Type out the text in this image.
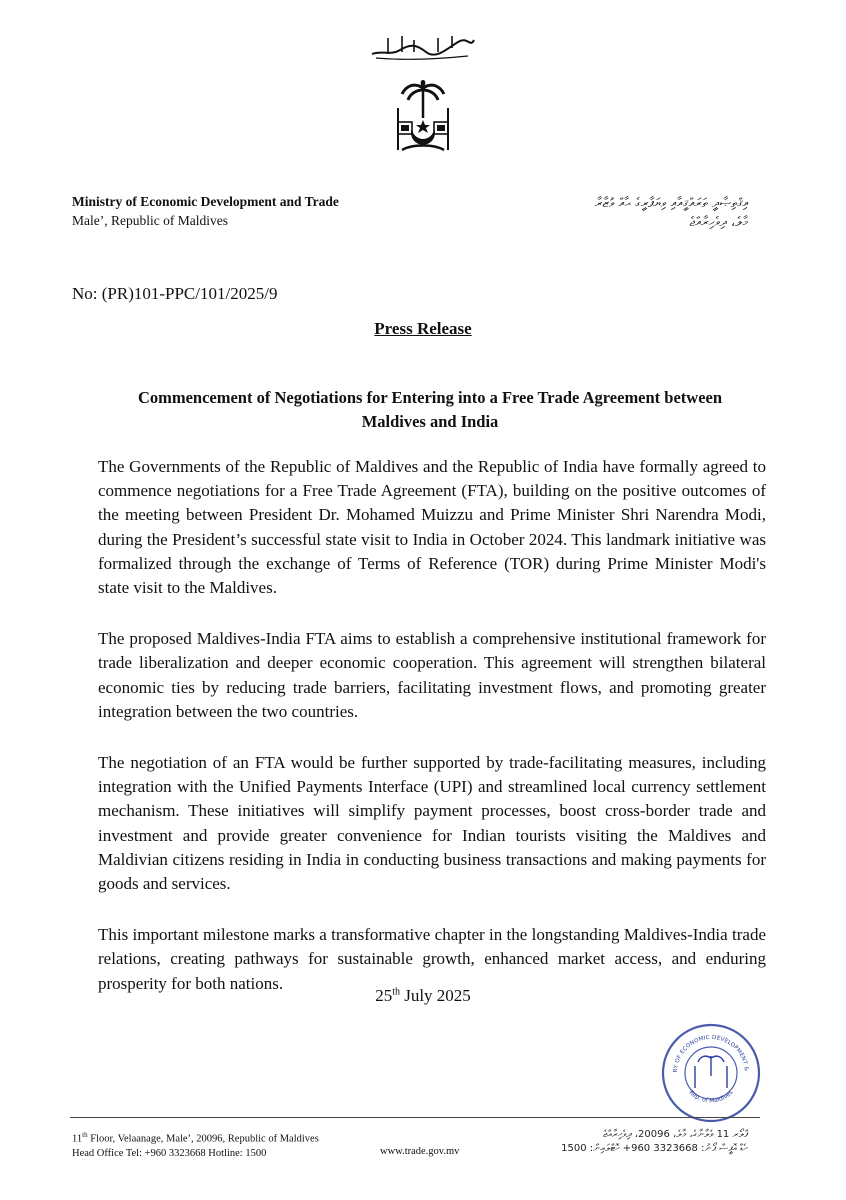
Ministry of Economic Development and Trade
Male’, Republic of Maldives
އިޤްތިޞާދީ ތަރައްޤީއާއި ވިޔަފާރީގެ ޙާއް ވުޒާރާ
މާލެ، ދިވެހިރާއްޖެ
No: (PR)101-PPC/101/2025/9
Press Release
Commencement of Negotiations for Entering into a Free Trade Agreement between Maldives and India

The Governments of the Republic of Maldives and the Republic of India have formally agreed to commence negotiations for a Free Trade Agreement (FTA), building on the positive outcomes of the meeting between President Dr. Mohamed Muizzu and Prime Minister Shri Narendra Modi, during the President’s successful state visit to India in October 2024. This landmark initiative was formalized through the exchange of Terms of Reference (TOR) during Prime Minister Modi's state visit to the Maldives.

The proposed Maldives-India FTA aims to establish a comprehensive institutional framework for trade liberalization and deeper economic cooperation. This agreement will strengthen bilateral economic ties by reducing trade barriers, facilitating investment flows, and promoting greater integration between the two countries.

The negotiation of an FTA would be further supported by trade-facilitating measures, including integration with the Unified Payments Interface (UPI) and streamlined local currency settlement mechanism. These initiatives will simplify payment processes, boost cross-border trade and investment and provide greater convenience for Indian tourists visiting the Maldives and Maldivian citizens residing in India in conducting business transactions and making payments for goods and services.

This important milestone marks a transformative chapter in the longstanding Maldives-India trade relations, creating pathways for sustainable growth, enhanced market access, and enduring prosperity for both nations.

25th July 2025
RY OF ECONOMIC DEVELOPMENT &
Rep. of Maldives
11th Floor, Velaanage, Male’, 20096, Republic of Maldives
Head Office Tel: +960 3323668 Hotline: 1500	www.trade.gov.mv
ފްލޯރ 11 ވެލާނާގެ، މާލެ، 20096، ދިވެހިރާއްޖެ
ހެޑް އޮފީސް ފޯނު: 3323668 960+ ހޮޓްލައިން: 1500
